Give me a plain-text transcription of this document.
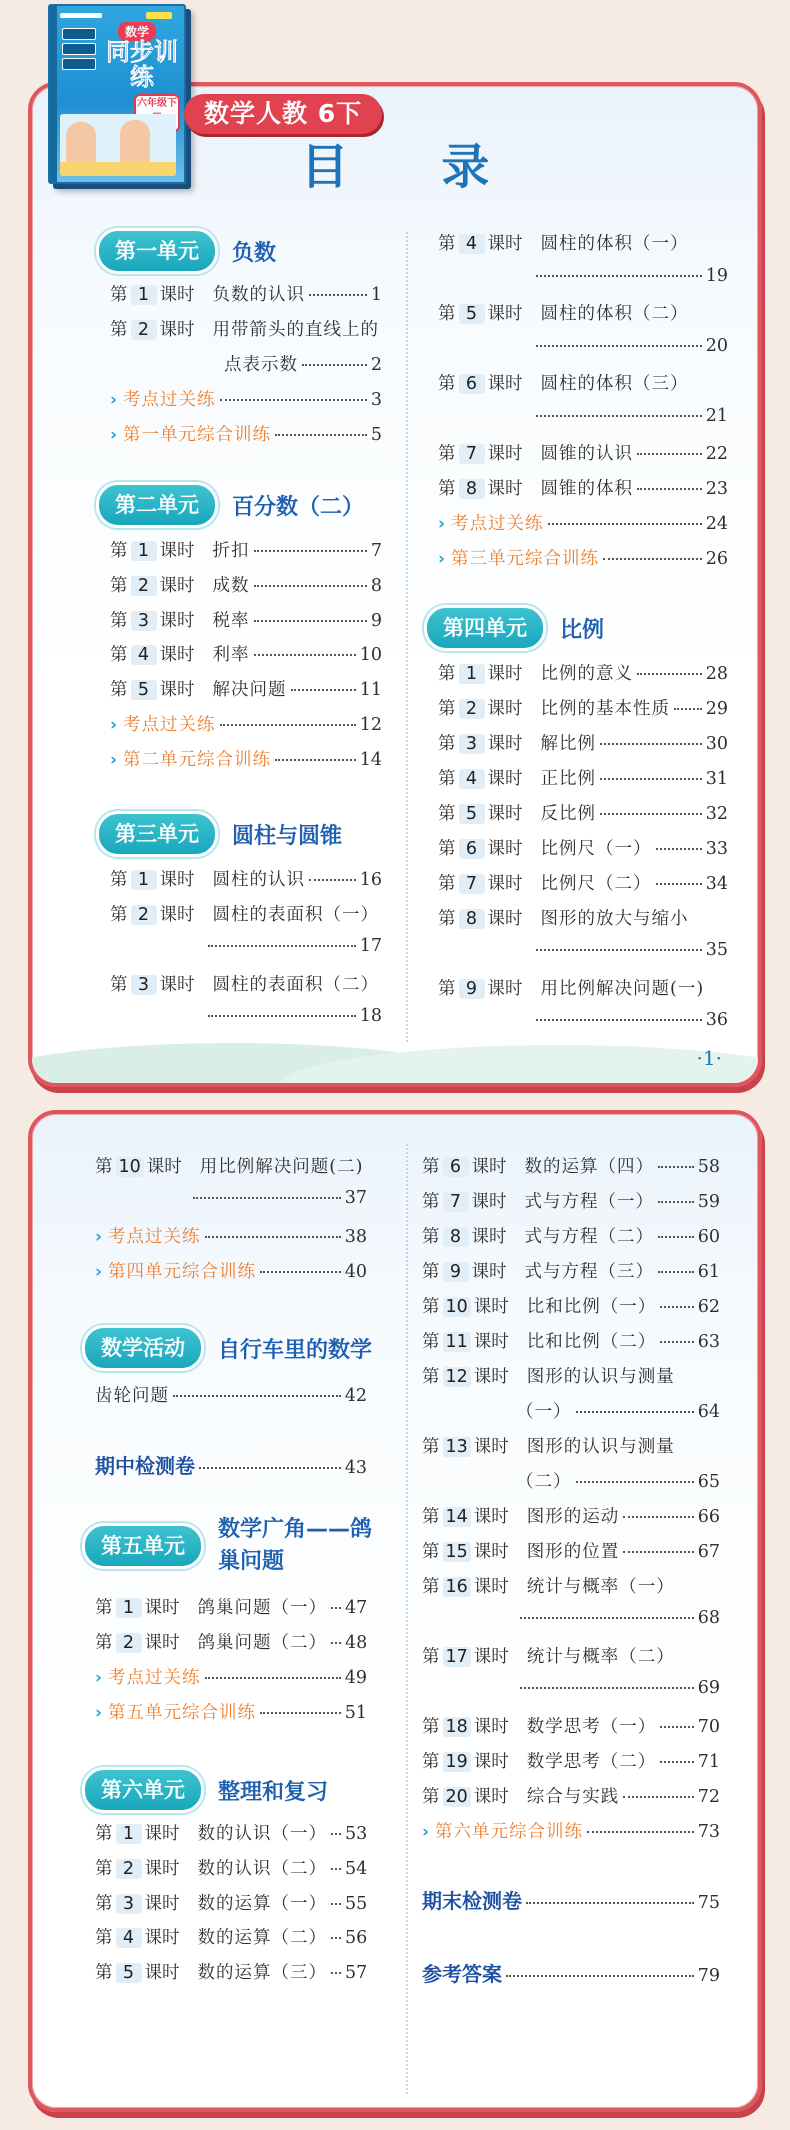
·1·
数学
同步训练
六年级下	数学人教 6下
目 录
第一单元	负数
第 1 课时 负数的认识	1
第 2 课时 用带箭头的直线上的
点表示数	2
› 考点过关练	3
› 第一单元综合训练	5
第二单元	百分数（二）
第 1 课时 折扣	7
第 2 课时 成数	8
第 3 课时 税率	9
第 4 课时 利率	10
第 5 课时 解决问题	11
› 考点过关练	12
› 第二单元综合训练	14
第三单元	圆柱与圆锥
第 1 课时 圆柱的认识	16
第 2 课时 圆柱的表面积（一）
17
第 3 课时 圆柱的表面积（二）
18
第 4 课时 圆柱的体积（一）
19
第 5 课时 圆柱的体积（二）
20
第 6 课时 圆柱的体积（三）
21
第 7 课时 圆锥的认识	22
第 8 课时 圆锥的体积	23
› 考点过关练	24
› 第三单元综合训练	26
第四单元	比例
第 1 课时 比例的意义	28
第 2 课时 比例的基本性质 29
第 3 课时 解比例	30
第 4 课时 正比例	31
第 5 课时 反比例	32
第 6 课时 比例尺（一）	33
第 7 课时 比例尺（二）	34
第 8 课时 图形的放大与缩小
35
第 9 课时 用比例解决问题(一)
36
第 10 课时 用比例解决问题(二)
37
› 考点过关练	38
› 第四单元综合训练	40
数学活动	自行车里的数学
齿轮问题	42
期中检测卷	43
第五单元
数学广角——鸽
巢问题
第 1 课时 鸽巢问题（一） 47
第 2 课时 鸽巢问题（二） 48
› 考点过关练	49
› 第五单元综合训练	51
第六单元	整理和复习
第 1 课时 数的认识（一） 53
第 2 课时 数的认识（二） 54
第 3 课时 数的运算（一） 55
第 4 课时 数的运算（二） 56
第 5 课时 数的运算（三） 57
第 6 课时 数的运算（四） 58
第 7 课时 式与方程（一） 59
第 8 课时 式与方程（二） 60
第 9 课时 式与方程（三） 61
第 10 课时 比和比例（一） 62
第 11 课时 比和比例（二） 63
第 12 课时 图形的认识与测量
（一）	64
第 13 课时 图形的认识与测量
（二）	65
第 14 课时 图形的运动	66
第 15 课时 图形的位置	67
第 16 课时 统计与概率（一）
68
第 17 课时 统计与概率（二）
69
第 18 课时 数学思考（一） 70
第 19 课时 数学思考（二） 71
第 20 课时 综合与实践	72
› 第六单元综合训练	73
期末检测卷	75
参考答案	79
